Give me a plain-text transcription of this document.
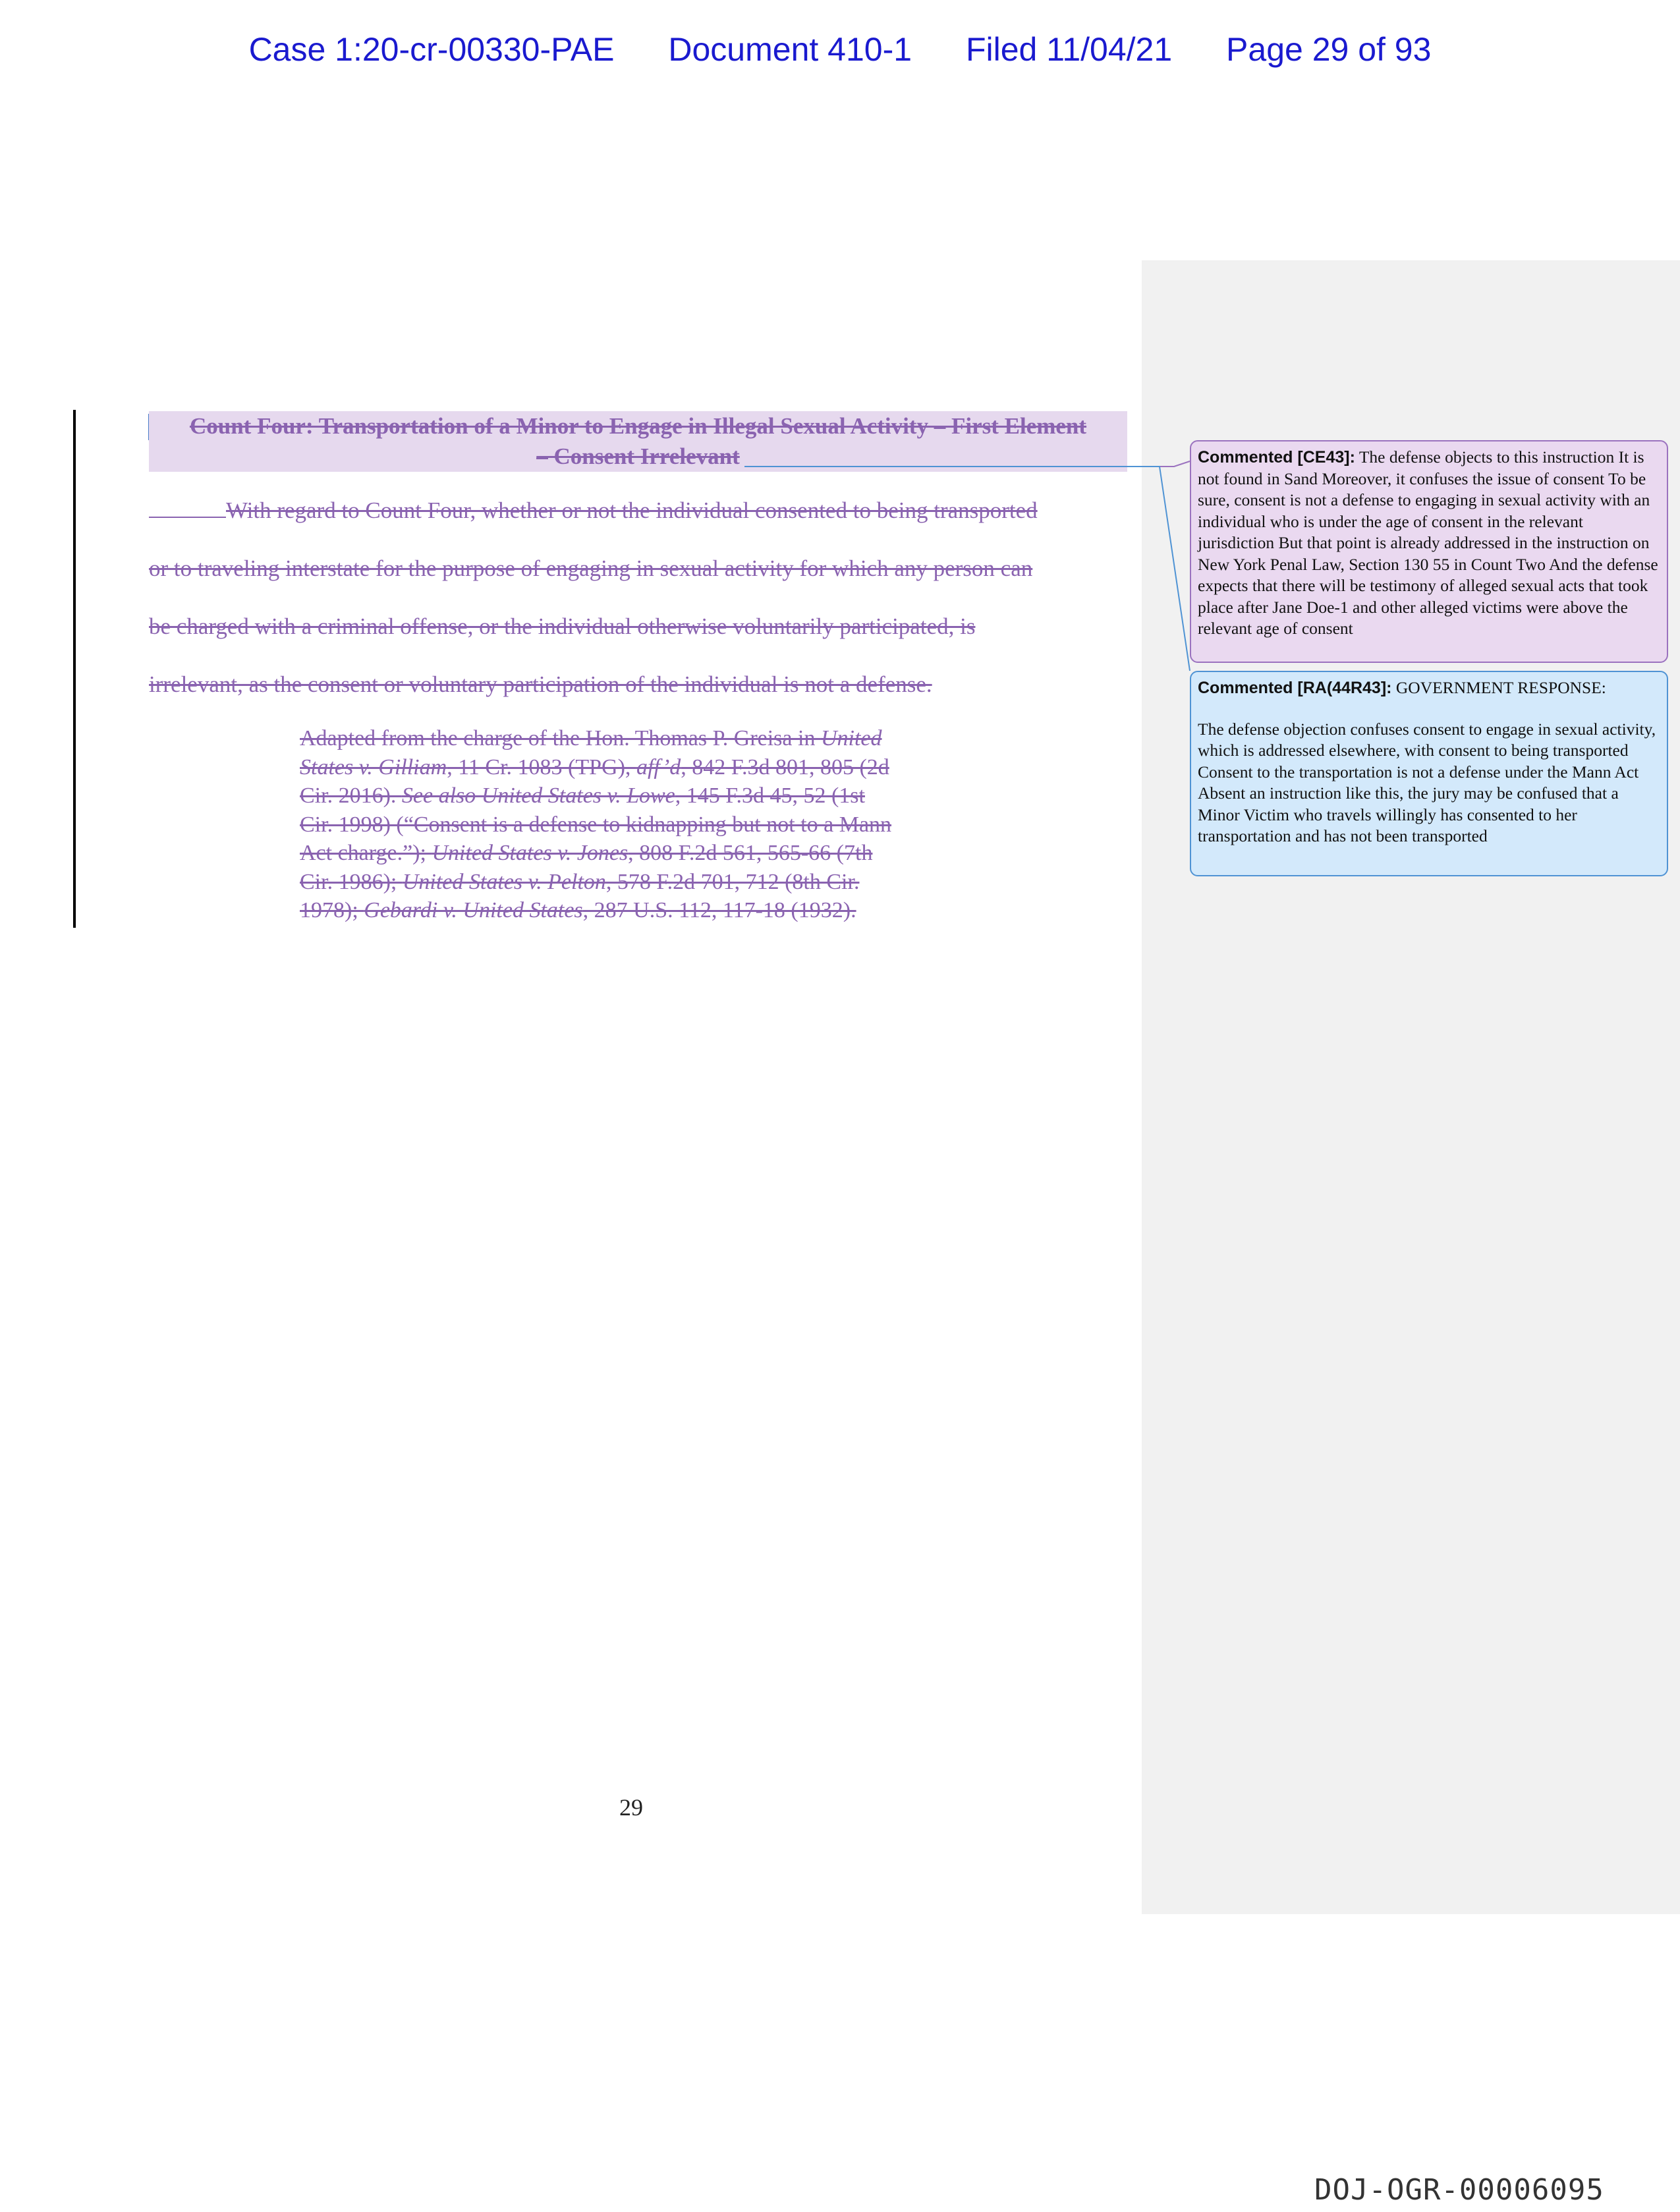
Case 1:20-cr-00330-PAE Document 410-1 Filed 11/04/21 Page 29 of 93
Count Four: Transportation of a Minor to Engage in Illegal Sexual Activity – First Element
– Consent Irrelevant
With regard to Count Four, whether or not the individual consented to being transported
or to traveling interstate for the purpose of engaging in sexual activity for which any person can
be charged with a criminal offense, or the individual otherwise voluntarily participated, is
irrelevant, as the consent or voluntary participation of the individual is not a defense.
Adapted from the charge of the Hon. Thomas P. Greisa in United
States v. Gilliam, 11 Cr. 1083 (TPG), aff’d, 842 F.3d 801, 805 (2d
Cir. 2016). See also United States v. Lowe, 145 F.3d 45, 52 (1st
Cir. 1998) (“Consent is a defense to kidnapping but not to a Mann
Act charge.”); United States v. Jones, 808 F.2d 561, 565-66 (7th
Cir. 1986); United States v. Pelton, 578 F.2d 701, 712 (8th Cir.
1978); Gebardi v. United States, 287 U.S. 112, 117-18 (1932).
29
DOJ-OGR-00006095
Commented [CE43]: The defense objects to this instruction It is not found in Sand Moreover, it confuses the issue of consent To be sure, consent is not a defense to engaging in sexual activity with an individual who is under the age of consent in the relevant jurisdiction But that point is already addressed in the instruction on New York Penal Law, Section 130 55 in Count Two And the defense expects that there will be testimony of alleged sexual acts that took place after Jane Doe-1 and other alleged victims were above the relevant age of consent
Commented [RA(44R43]: GOVERNMENT RESPONSE:
The defense objection confuses consent to engage in sexual activity, which is addressed elsewhere, with consent to being transported Consent to the transportation is not a defense under the Mann Act Absent an instruction like this, the jury may be confused that a Minor Victim who travels willingly has consented to her transportation and has not been transported
